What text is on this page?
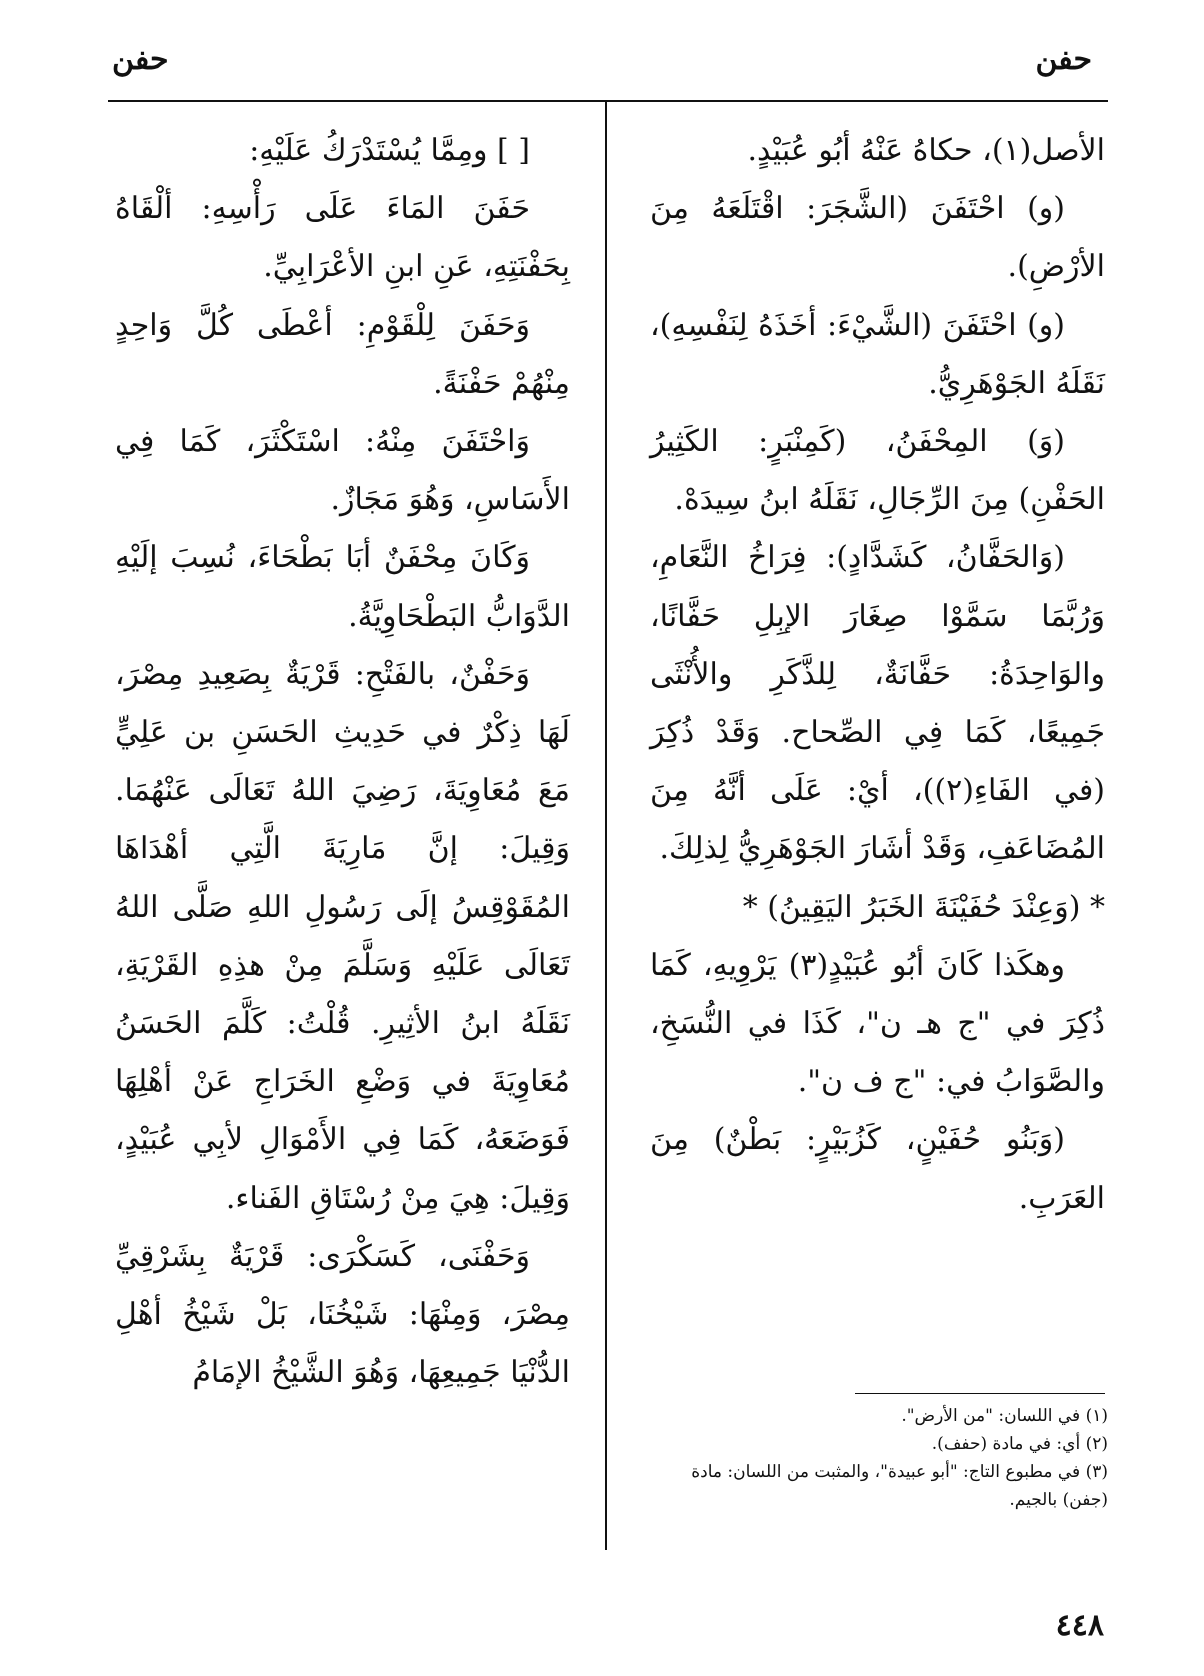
حفن
حفن

الأصل(١)، حكاهُ عَنْهُ أبُو عُبَيْدٍ.

(و) احْتَفَنَ (الشَّجَرَ: اقْتَلَعَهُ مِنَ الأرْضِ).

(و) احْتَفَنَ (الشَّيْءَ: أخَذَهُ لِنَفْسِهِ)، نَقَلَهُ الجَوْهَرِيُّ.

(وَ) المِحْفَنُ، (كَمِنْبَرٍ: الكَثِيرُ الحَفْنِ) مِنَ الرِّجَالِ، نَقَلَهُ ابنُ سِيدَهْ.

(وَالحَفَّانُ، كَشَدَّادٍ): فِرَاخُ النَّعَامِ، وَرُبَّمَا سَمَّوْا صِغَارَ الإبِلِ حَفَّانًا، والوَاحِدَةُ: حَفَّانَةٌ، لِلذَّكَرِ والأُنْثَى جَمِيعًا، كَمَا فِي الصِّحاح. وَقَدْ ذُكِرَ (في الفَاءِ(٢))، أيْ: عَلَى أنَّهُ مِنَ المُضَاعَفِ، وَقَدْ أشَارَ الجَوْهَرِيُّ لِذلِكَ.

* (وَعِنْدَ حُفَيْنَةَ الخَبَرُ اليَقِينُ) *

وهكَذا كَانَ أبُو عُبَيْدٍ(٣) يَرْوِيهِ، كَمَا ذُكِرَ في "ج هـ ن"، كَذَا في النُّسَخِ، والصَّوَابُ في: "ج ف ن".

(وَبَنُو حُفَيْنٍ، كَزُبَيْرٍ: بَطْنٌ) مِنَ العَرَبِ.

[ ] ومِمَّا يُسْتَدْرَكُ عَلَيْهِ:

حَفَنَ المَاءَ عَلَى رَأْسِهِ: ألْقَاهُ بِحَفْنَتِهِ، عَنِ ابنِ الأعْرَابِيِّ.

وَحَفَنَ لِلْقَوْمِ: أعْطَى كُلَّ وَاحِدٍ مِنْهُمْ حَفْنَةً.

وَاحْتَفَنَ مِنْهُ: اسْتَكْثَرَ، كَمَا فِي الأَسَاسِ، وَهُوَ مَجَازٌ.

وَكَانَ مِحْفَنٌ أبَا بَطْحَاءَ، نُسِبَ إلَيْهِ الدَّوَابُّ البَطْحَاوِيَّةُ.

وَحَفْنٌ، بالفَتْحِ: قَرْيَةٌ بِصَعِيدِ مِصْرَ، لَهَا ذِكْرٌ في حَدِيثِ الحَسَنِ بن عَلِيٍّ مَعَ مُعَاوِيَةَ، رَضِيَ اللهُ تَعَالَى عَنْهُمَا. وَقِيلَ: إنَّ مَارِيَةَ الَّتِي أهْدَاهَا المُقَوْقِسُ إلَى رَسُولِ اللهِ صَلَّى اللهُ تَعَالَى عَلَيْهِ وَسَلَّمَ مِنْ هذِهِ القَرْيَةِ، نَقَلَهُ ابنُ الأثِيرِ. قُلْتُ: كَلَّمَ الحَسَنُ مُعَاوِيَةَ في وَضْعِ الخَرَاجِ عَنْ أهْلِهَا فَوَضَعَهُ، كَمَا فِي الأَمْوَالِ لأبِي عُبَيْدٍ، وَقِيلَ: هِيَ مِنْ رُسْتَاقِ الفَناء.

وَحَفْنَى، كَسَكْرَى: قَرْيَةٌ بِشَرْقِيِّ مِصْرَ، وَمِنْهَا: شَيْخُنَا، بَلْ شَيْخُ أهْلِ الدُّنْيَا جَمِيعِهَا، وَهُوَ الشَّيْخُ الإمَامُ

(١) في اللسان: "من الأرض".
(٢) أي: في مادة (حفف).
(٣) في مطبوع التاج: "أبو عبيدة"، والمثبت من اللسان: مادة (جفن) بالجيم.
٤٤٨
